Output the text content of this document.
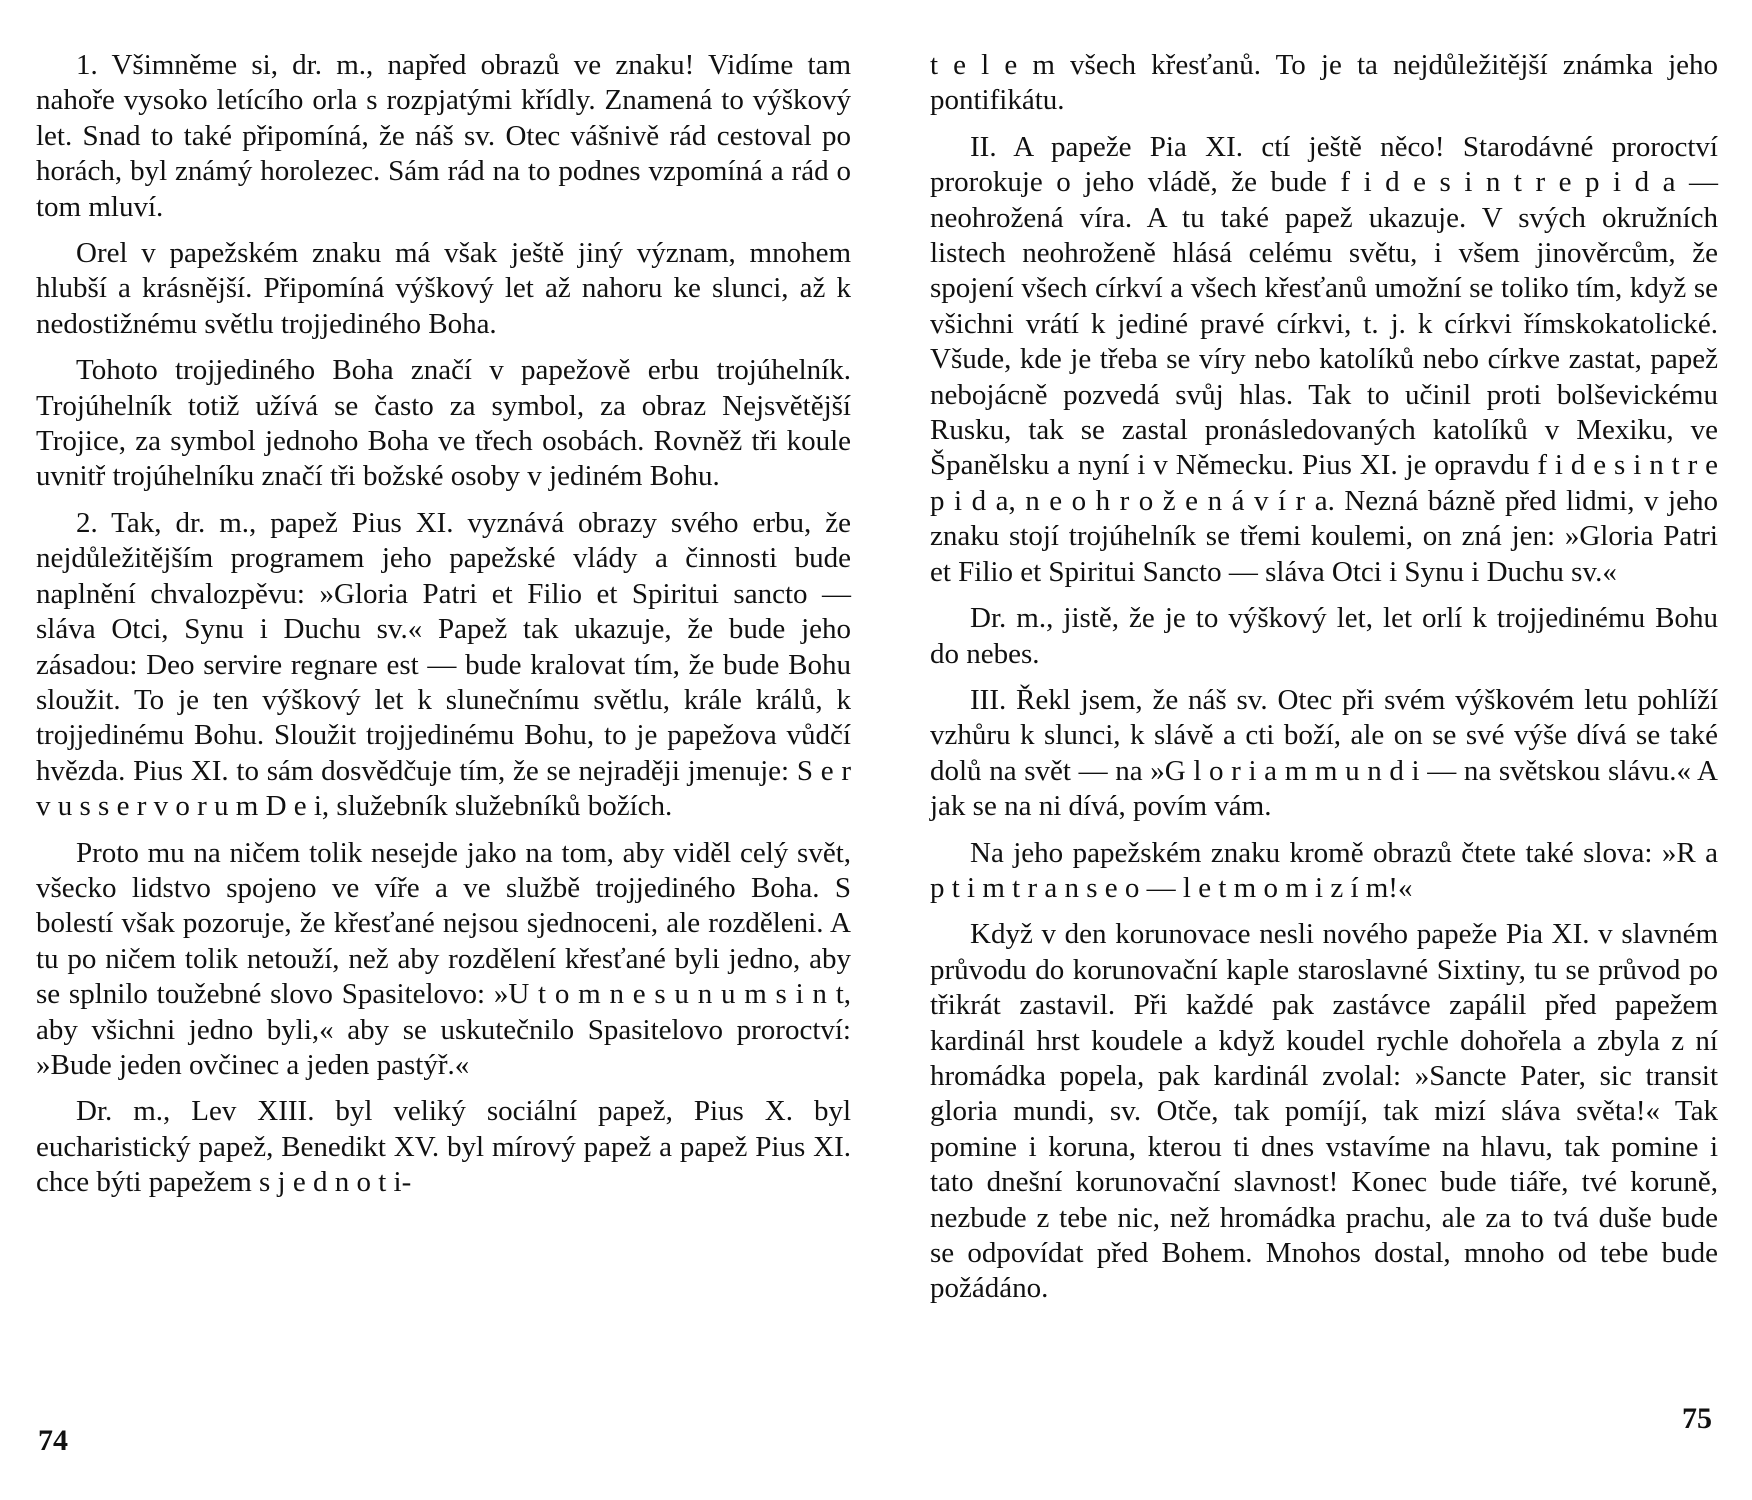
1. Všimněme si, dr. m., napřed obrazů ve znaku! Vidíme tam nahoře vysoko letícího orla s rozpjatými křídly. Znamená to výškový let. Snad to také připomíná, že náš sv. Otec vášnivě rád cestoval po horách, byl známý horolezec. Sám rád na to podnes vzpomíná a rád o tom mluví.

Orel v papežském znaku má však ještě jiný význam, mnohem hlubší a krásnější. Připomíná výškový let až nahoru ke slunci, až k nedostižnému světlu trojjediného Boha.

Tohoto trojjediného Boha značí v papežově erbu trojúhelník. Trojúhelník totiž užívá se často za symbol, za obraz Nejsvětější Trojice, za symbol jednoho Boha ve třech osobách. Rovněž tři koule uvnitř trojúhelníku značí tři božské osoby v jediném Bohu.

2. Tak, dr. m., papež Pius XI. vyznává obrazy svého erbu, že nejdůležitějším programem jeho papežské vlády a činnosti bude naplnění chvalozpěvu: »Gloria Patri et Filio et Spiritui sancto — sláva Otci, Synu i Duchu sv.« Papež tak ukazuje, že bude jeho zásadou: Deo servire regnare est — bude kralovat tím, že bude Bohu sloužit. To je ten výškový let k slunečnímu světlu, krále králů, k trojjedinému Bohu. Sloužit trojjedinému Bohu, to je papežova vůdčí hvězda. Pius XI. to sám dosvědčuje tím, že se nejraději jmenuje: S e r v u s s e r v o r u m D e i, služebník služebníků božích.

Proto mu na ničem tolik nesejde jako na tom, aby viděl celý svět, všecko lidstvo spojeno ve víře a ve službě trojjediného Boha. S bolestí však pozoruje, že křesťané nejsou sjednoceni, ale rozděleni. A tu po ničem tolik netouží, než aby rozdělení křesťané byli jedno, aby se splnilo toužebné slovo Spasitelovo: »U t o m n e s u n u m s i n t, aby všichni jedno byli,« aby se uskutečnilo Spasitelovo proroctví: »Bude jeden ovčinec a jeden pastýř.«

Dr. m., Lev XIII. byl veliký sociální papež, Pius X. byl eucharistický papež, Benedikt XV. byl mírový papež a papež Pius XI. chce býti papežem s j e d n o t i-

74

t e l e m všech křesťanů. To je ta nejdůležitější známka jeho pontifikátu.

II. A papeže Pia XI. ctí ještě něco! Starodávné proroctví prorokuje o jeho vládě, že bude f i d e s i n t r e p i d a — neohrožená víra. A tu také papež ukazuje. V svých okružních listech neohroženě hlásá celému světu, i všem jinověrcům, že spojení všech církví a všech křesťanů umožní se toliko tím, když se všichni vrátí k jediné pravé církvi, t. j. k církvi římskokatolické. Všude, kde je třeba se víry nebo katolíků nebo církve zastat, papež nebojácně pozvedá svůj hlas. Tak to učinil proti bolševickému Rusku, tak se zastal pronásledovaných katolíků v Mexiku, ve Španělsku a nyní i v Německu. Pius XI. je opravdu f i d e s i n t r e p i d a, n e o h r o ž e n á v í r a. Nezná bázně před lidmi, v jeho znaku stojí trojúhelník se třemi koulemi, on zná jen: »Gloria Patri et Filio et Spiritui Sancto — sláva Otci i Synu i Duchu sv.«

Dr. m., jistě, že je to výškový let, let orlí k trojjedinému Bohu do nebes.

III. Řekl jsem, že náš sv. Otec při svém výškovém letu pohlíží vzhůru k slunci, k slávě a cti boží, ale on se své výše dívá se také dolů na svět — na »G l o r i a m m u n d i — na světskou slávu.« A jak se na ni dívá, povím vám.

Na jeho papežském znaku kromě obrazů čtete také slova: »R a p t i m t r a n s e o — l e t m o m i z í m!«

Když v den korunovace nesli nového papeže Pia XI. v slavném průvodu do korunovační kaple staroslavné Sixtiny, tu se průvod po třikrát zastavil. Při každé pak zastávce zapálil před papežem kardinál hrst koudele a když koudel rychle dohořela a zbyla z ní hromádka popela, pak kardinál zvolal: »Sancte Pater, sic transit gloria mundi, sv. Otče, tak pomíjí, tak mizí sláva světa!« Tak pomine i koruna, kterou ti dnes vstavíme na hlavu, tak pomine i tato dnešní korunovační slavnost! Konec bude tiáře, tvé koruně, nezbude z tebe nic, než hromádka prachu, ale za to tvá duše bude se odpovídat před Bohem. Mnohos dostal, mnoho od tebe bude požádáno.

75
